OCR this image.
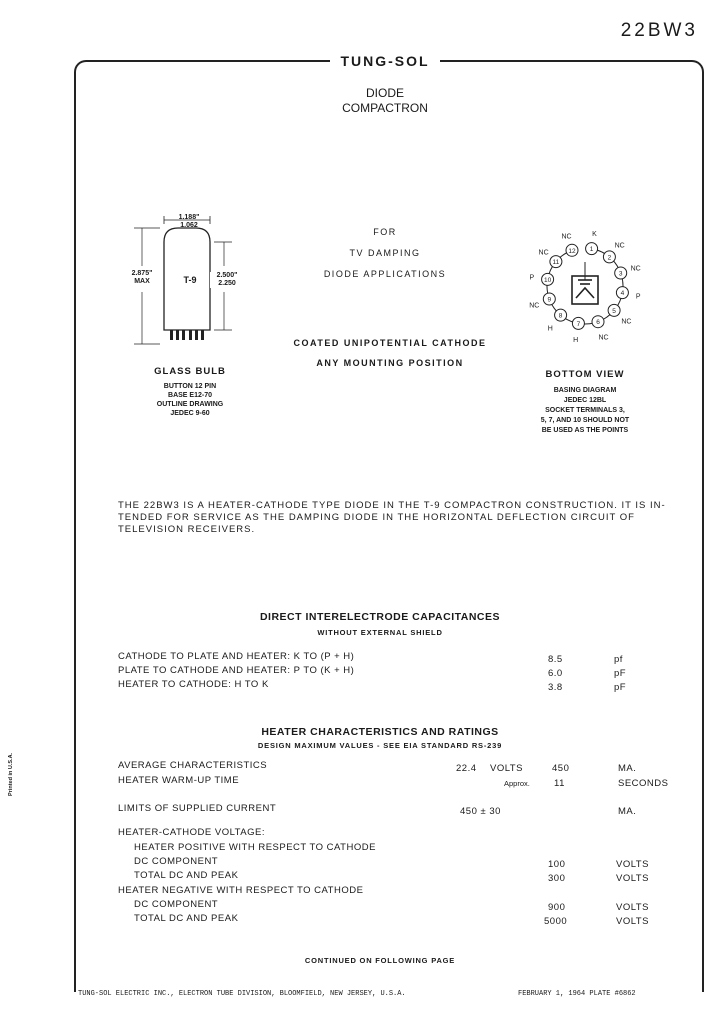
22BW3
TUNG-SOL
DIODE
COMPACTRON
FOR
TV DAMPING
DIODE APPLICATIONS
COATED UNIPOTENTIAL CATHODE
ANY MOUNTING POSITION
1.188"
1.062
2.875"
MAX
2.500"
2.250
T-9
GLASS BULB
BUTTON 12 PIN
BASE E12-70
OUTLINE DRAWING
JEDEC 9-60
1
K
2
NC
3
NC
4 P
5
NC
6
NC
7
H
8
H
9
NC
10
P
11
NC	12
NC
BOTTOM VIEW
BASING DIAGRAM
JEDEC 12BL
SOCKET TERMINALS 3,
5, 7, AND 10 SHOULD NOT
BE USED AS THE POINTS
THE 22BW3 IS A HEATER-CATHODE TYPE DIODE IN THE T-9 COMPACTRON CONSTRUCTION. IT IS IN-
TENDED FOR SERVICE AS THE DAMPING DIODE IN THE HORIZONTAL DEFLECTION CIRCUIT OF
TELEVISION RECEIVERS.
DIRECT INTERELECTRODE CAPACITANCES
WITHOUT EXTERNAL SHIELD
CATHODE TO PLATE AND HEATER: K TO (P + H)	8.5	pf
PLATE TO CATHODE AND HEATER: P TO (K + H)	6.0	pF
HEATER TO CATHODE: H TO K	3.8	pF
HEATER CHARACTERISTICS AND RATINGS
DESIGN MAXIMUM VALUES - SEE EIA STANDARD RS-239
AVERAGE CHARACTERISTICS	22.4 VOLTS	450	MA.
HEATER WARM-UP TIME	Approx.	11	SECONDS
LIMITS OF SUPPLIED CURRENT	450 ± 30	MA.
HEATER-CATHODE VOLTAGE:
HEATER POSITIVE WITH RESPECT TO CATHODE
DC COMPONENT	100	VOLTS
TOTAL DC AND PEAK	300	VOLTS
HEATER NEGATIVE WITH RESPECT TO CATHODE
DC COMPONENT	900	VOLTS
TOTAL DC AND PEAK	5000	VOLTS
CONTINUED ON FOLLOWING PAGE
TUNG-SOL ELECTRIC INC., ELECTRON TUBE DIVISION, BLOOMFIELD, NEW JERSEY, U.S.A.	FEBRUARY 1, 1964 PLATE #6862
Printed in U.S.A.
